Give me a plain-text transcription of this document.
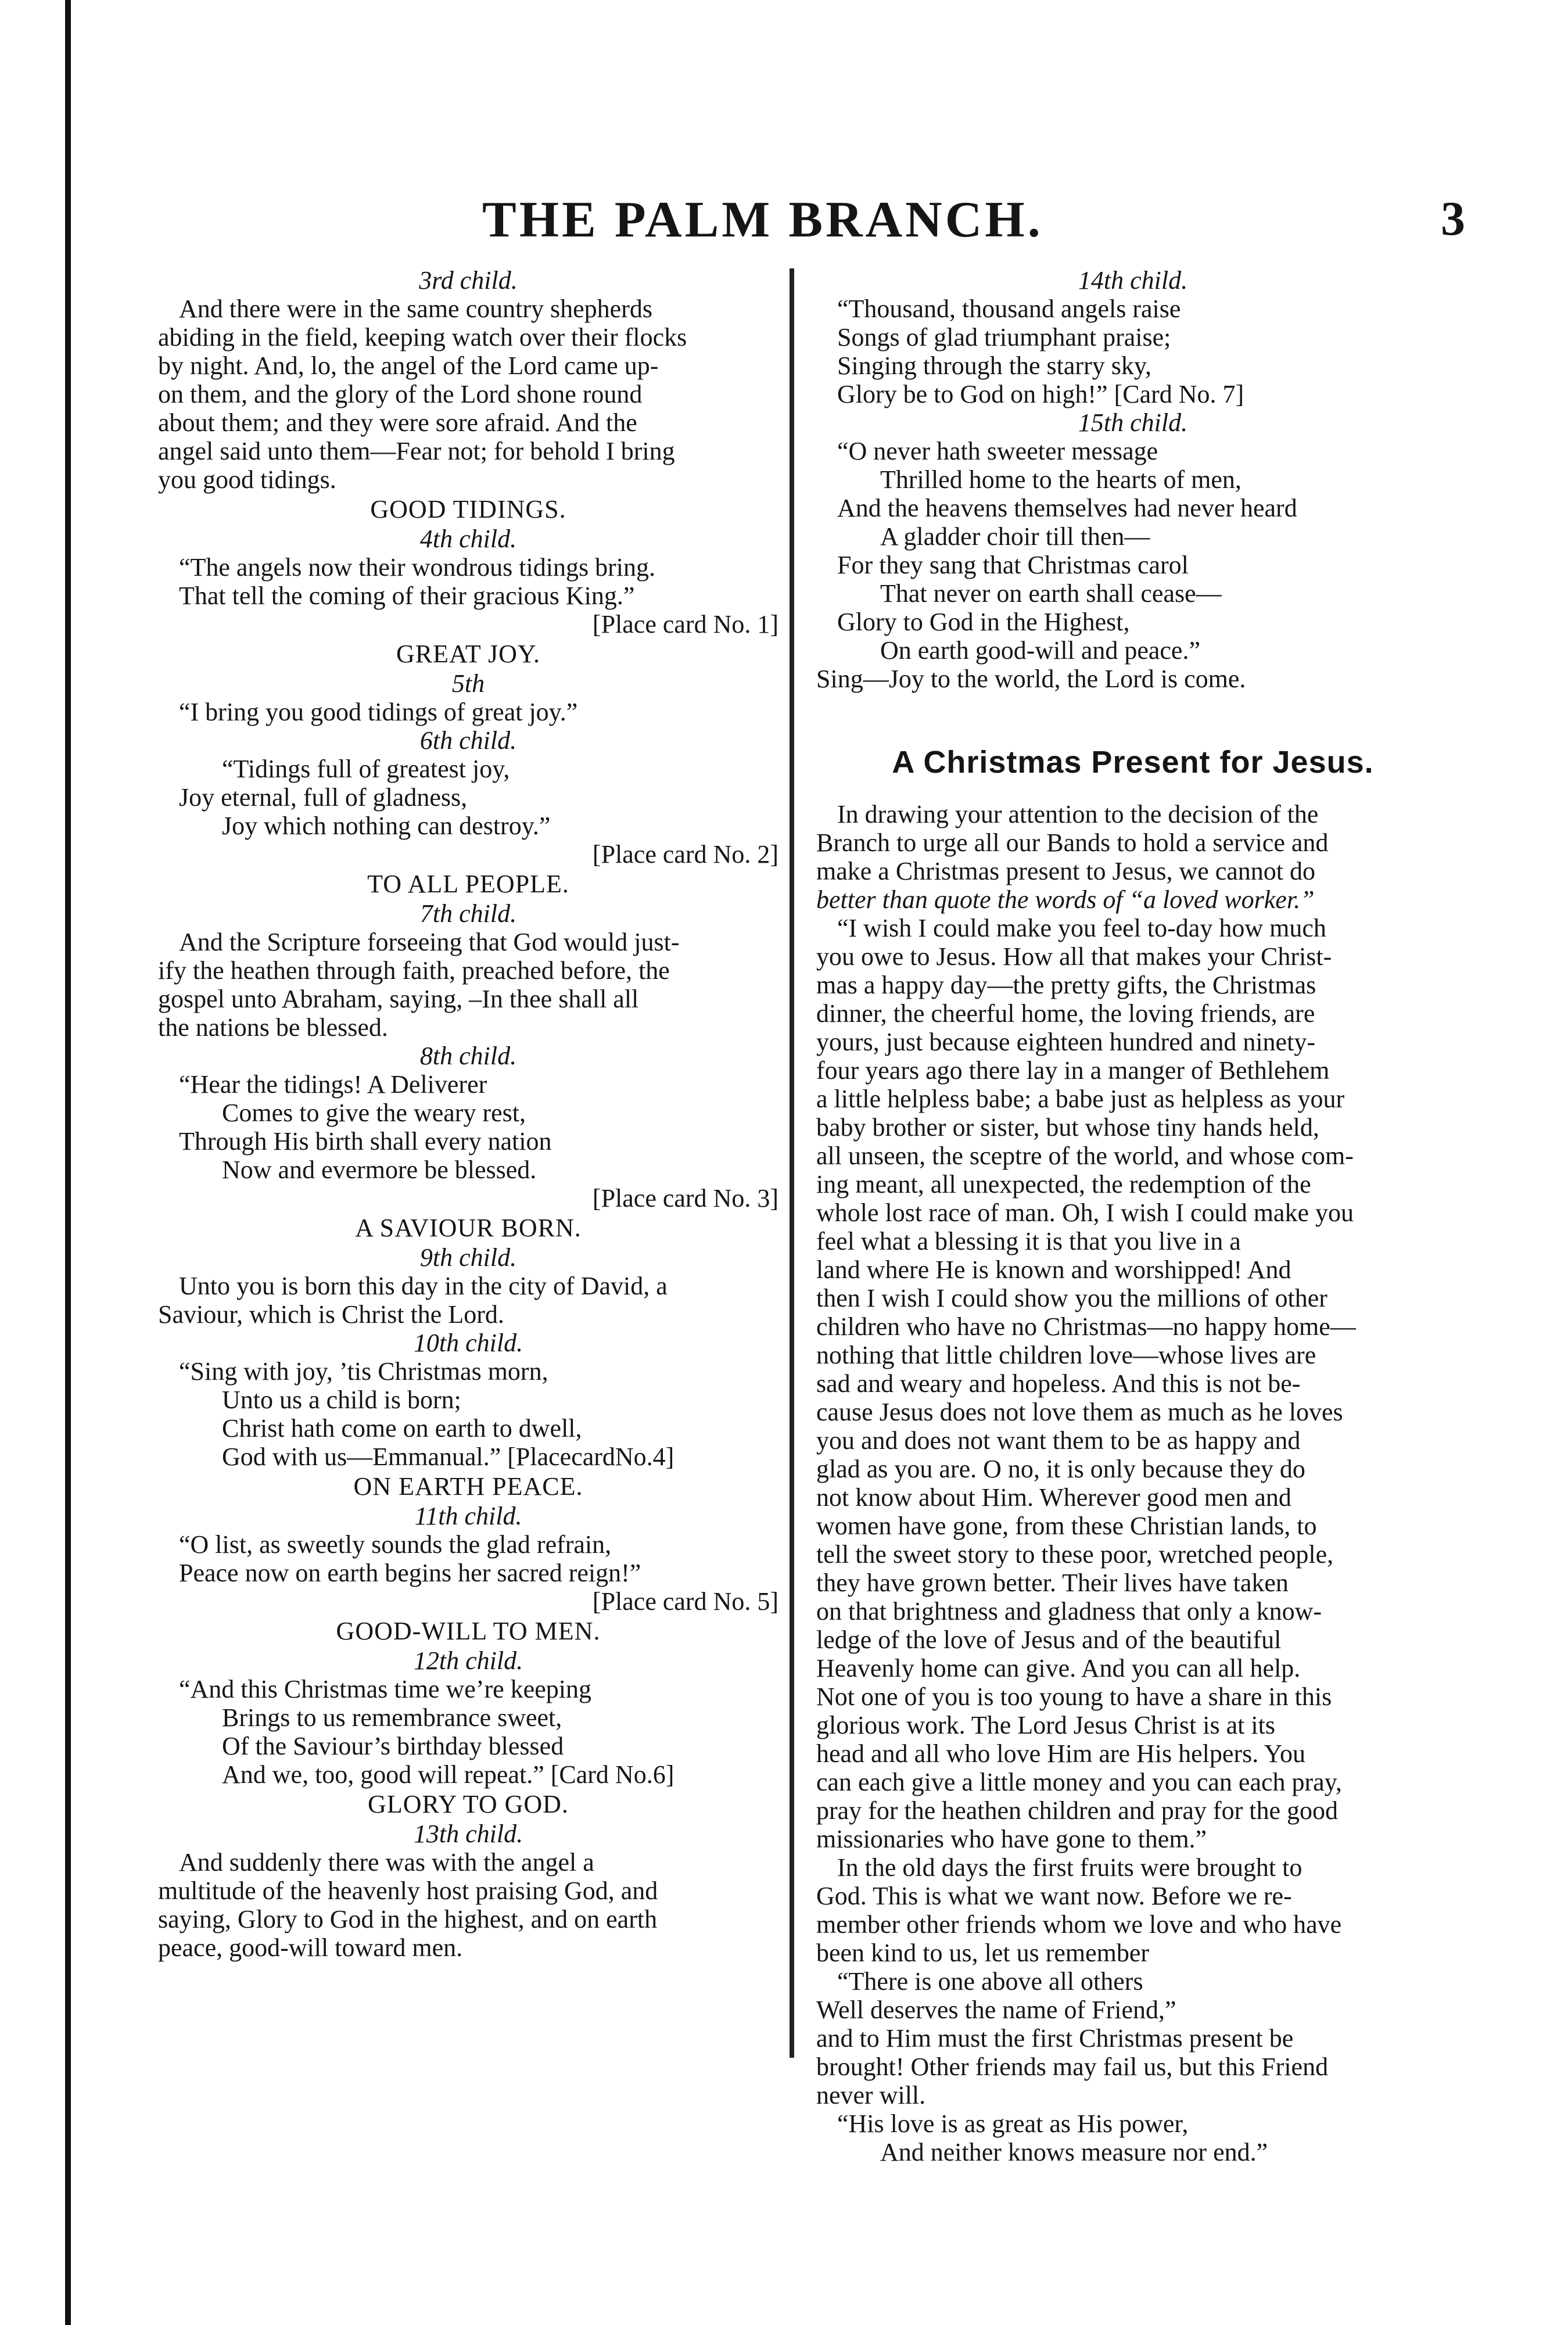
THE PALM BRANCH.	3
3rd child.
And there were in the same country shepherds
abiding in the field, keeping watch over their flocks
by night. And, lo, the angel of the Lord came up-
on them, and the glory of the Lord shone round
about them; and they were sore afraid. And the
angel said unto them—Fear not; for behold I bring
you good tidings.
GOOD TIDINGS.
4th child.
“The angels now their wondrous tidings bring.
That tell the coming of their gracious King.”
[Place card No. 1]
GREAT JOY.
5th
“I bring you good tidings of great joy.”
6th child.
“Tidings full of greatest joy,
Joy eternal, full of gladness,
Joy which nothing can destroy.”
[Place card No. 2]
TO ALL PEOPLE.
7th child.
And the Scripture forseeing that God would just-
ify the heathen through faith, preached before, the
gospel unto Abraham, saying, –In thee shall all
the nations be blessed.
8th child.
“Hear the tidings! A Deliverer
Comes to give the weary rest,
Through His birth shall every nation
Now and evermore be blessed.
[Place card No. 3]
A SAVIOUR BORN.
9th child.
Unto you is born this day in the city of David, a
Saviour, which is Christ the Lord.
10th child.
“Sing with joy, ’tis Christmas morn,
Unto us a child is born;
Christ hath come on earth to dwell,
God with us—Emmanual.” [PlacecardNo.4]
ON EARTH PEACE.
11th child.
“O list, as sweetly sounds the glad refrain,
Peace now on earth begins her sacred reign!”
[Place card No. 5]
GOOD-WILL TO MEN.
12th child.
“And this Christmas time we’re keeping
Brings to us remembrance sweet,
Of the Saviour’s birthday blessed
And we, too, good will repeat.” [Card No.6]
GLORY TO GOD.
13th child.
And suddenly there was with the angel a
multitude of the heavenly host praising God, and
saying, Glory to God in the highest, and on earth
peace, good-will toward men.
14th child.
“Thousand, thousand angels raise
Songs of glad triumphant praise;
Singing through the starry sky,
Glory be to God on high!” [Card No. 7]
15th child.
“O never hath sweeter message
Thrilled home to the hearts of men,
And the heavens themselves had never heard
A gladder choir till then—
For they sang that Christmas carol
That never on earth shall cease—
Glory to God in the Highest,
On earth good-will and peace.”
Sing—Joy to the world, the Lord is come.
A Christmas Present for Jesus.
In drawing your attention to the decision of the
Branch to urge all our Bands to hold a service and
make a Christmas present to Jesus, we cannot do
better than quote the words of “a loved worker.”
“I wish I could make you feel to-day how much
you owe to Jesus. How all that makes your Christ-
mas a happy day—the pretty gifts, the Christmas
dinner, the cheerful home, the loving friends, are
yours, just because eighteen hundred and ninety-
four years ago there lay in a manger of Bethlehem
a little helpless babe; a babe just as helpless as your
baby brother or sister, but whose tiny hands held,
all unseen, the sceptre of the world, and whose com-
ing meant, all unexpected, the redemption of the
whole lost race of man. Oh, I wish I could make you
feel what a blessing it is that you live in a
land where He is known and worshipped! And
then I wish I could show you the millions of other
children who have no Christmas—no happy home—
nothing that little children love—whose lives are
sad and weary and hopeless. And this is not be-
cause Jesus does not love them as much as he loves
you and does not want them to be as happy and
glad as you are. O no, it is only because they do
not know about Him. Wherever good men and
women have gone, from these Christian lands, to
tell the sweet story to these poor, wretched people,
they have grown better. Their lives have taken
on that brightness and gladness that only a know-
ledge of the love of Jesus and of the beautiful
Heavenly home can give. And you can all help.
Not one of you is too young to have a share in this
glorious work. The Lord Jesus Christ is at its
head and all who love Him are His helpers. You
can each give a little money and you can each pray,
pray for the heathen children and pray for the good
missionaries who have gone to them.”
In the old days the first fruits were brought to
God. This is what we want now. Before we re-
member other friends whom we love and who have
been kind to us, let us remember
“There is one above all others
Well deserves the name of Friend,”
and to Him must the first Christmas present be
brought! Other friends may fail us, but this Friend
never will.
“His love is as great as His power,
And neither knows measure nor end.”
